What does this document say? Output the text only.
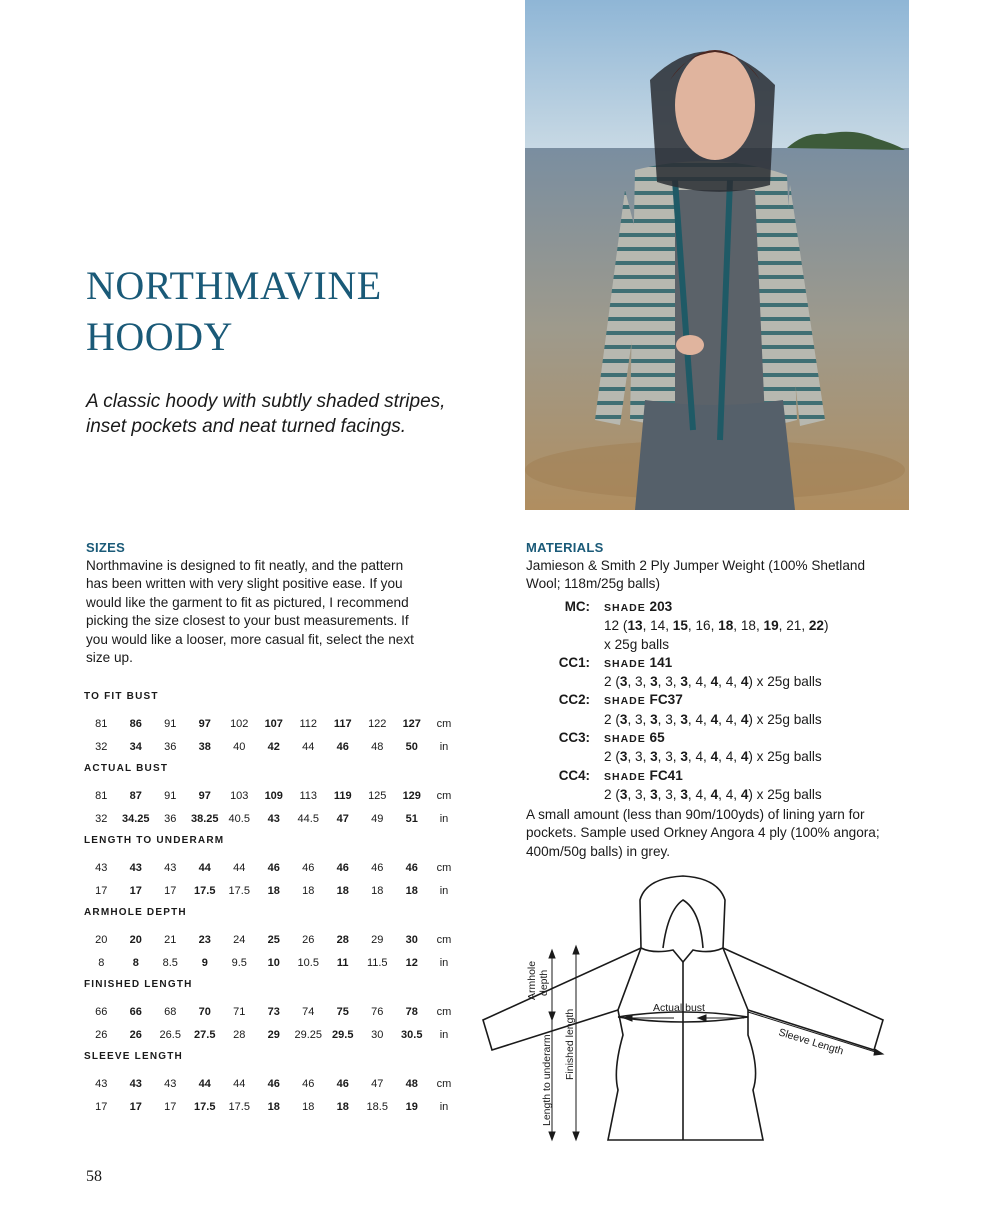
NORTHMAVINE
HOODY

A classic hoody with subtly shaded stripes,
inset pockets and neat turned facings.

SIZES

Northmavine is designed to fit neatly, and the pattern
has been written with very slight positive ease. If you
would like the garment to fit as pictured, I recommend
picking the size closest to your bust measurements. If
you would like a looser, more casual fit, select the next
size up.

TO FIT BUST
81	86	91	97	102	107	112	117	122	127	cm
32	34	36	38	40	42	44	46	48	50	in
ACTUAL BUST
81	87	91	97	103	109	113	119	125	129	cm
32	34.25	36	38.25 40.5	43	44.5	47	49	51	in
LENGTH TO UNDERARM
43	43	43	44	44	46	46	46	46	46	cm
17	17	17	17.5	17.5	18	18	18	18	18	in
ARMHOLE DEPTH
20	20	21	23	24	25	26	28	29	30	cm
8	8	8.5	9	9.5	10	10.5	11	11.5	12	in
FINISHED LENGTH
66	66	68	70	71	73	74	75	76	78	cm
26	26	26.5	27.5	28	29	29.25 29.5	30	30.5	in
SLEEVE LENGTH
43	43	43	44	44	46	46	46	47	48	cm
17	17	17	17.5	17.5	18	18	18	18.5	19	in
MATERIALS

Jamieson & Smith 2 Ply Jumper Weight (100% Shetland
Wool; 118m/25g balls)

MC: SHADE 203
12 (13, 14, 15, 16, 18, 18, 19, 21, 22)
x 25g balls
CC1: SHADE 141
2 (3, 3, 3, 3, 3, 4, 4, 4, 4) x 25g balls
CC2: SHADE FC37
2 (3, 3, 3, 3, 3, 4, 4, 4, 4) x 25g balls
CC3: SHADE 65
2 (3, 3, 3, 3, 3, 4, 4, 4, 4) x 25g balls
CC4: SHADE FC41
2 (3, 3, 3, 3, 3, 4, 4, 4, 4) x 25g balls

A small amount (less than 90m/100yds) of lining yarn for
pockets. Sample used Orkney Angora 4 ply (100% angora;
400m/50g balls) in grey.

Actual bust
Sleeve Length
Armhole depth
Length to underarm Finished length
58
